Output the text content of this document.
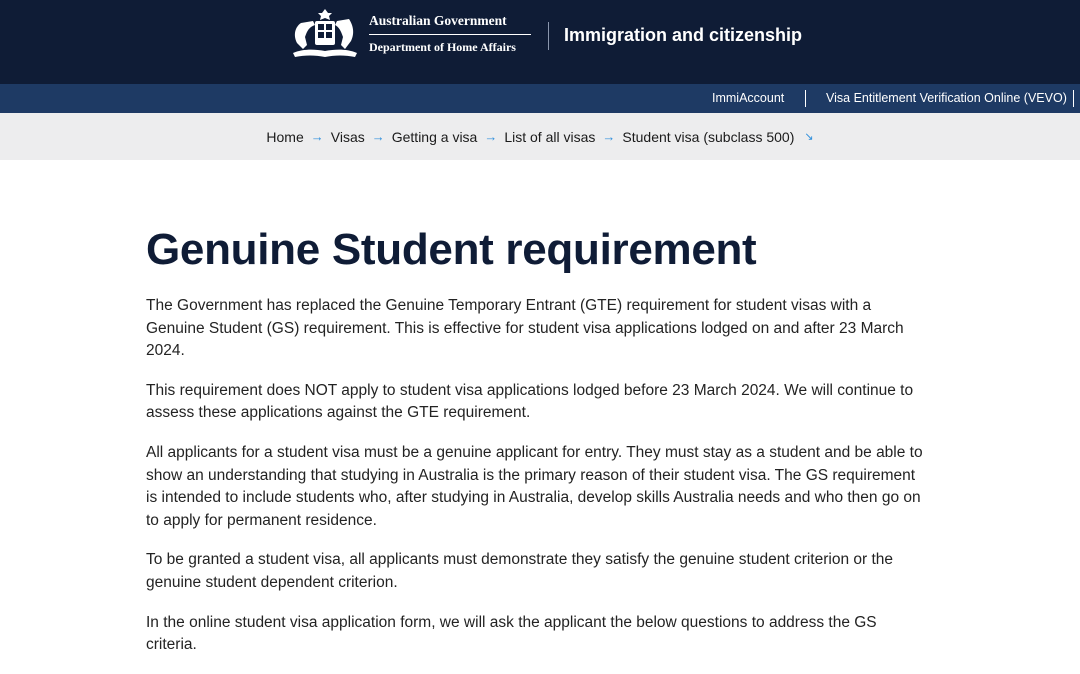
Australian Government
Department of Home Affairs
Immigration and citizenship
ImmiAccount	Visa Entitlement Verification Online (VEVO)
Home → Visas → Getting a visa → List of all visas → Student visa (subclass 500) ↘
Genuine Student requirement

The Government has replaced the Genuine Temporary Entrant (GTE) requirement for student visas with a Genuine Student (GS) requirement. This is effective for student visa applications lodged on and after 23 March 2024.

This requirement does NOT apply to student visa applications lodged before 23 March 2024. We will continue to assess these applications against the GTE requirement.

All applicants for a student visa must be a genuine applicant for entry. They must stay as a student and be able to show an understanding that studying in Australia is the primary reason of their student visa. The GS requirement is intended to include students who, after studying in Australia, develop skills Australia needs and who then go on to apply for permanent residence.

To be granted a student visa, all applicants must demonstrate they satisfy the genuine student criterion or the genuine student dependent criterion.

In the online student visa application form, we will ask the applicant the below questions to address the GS criteria.
